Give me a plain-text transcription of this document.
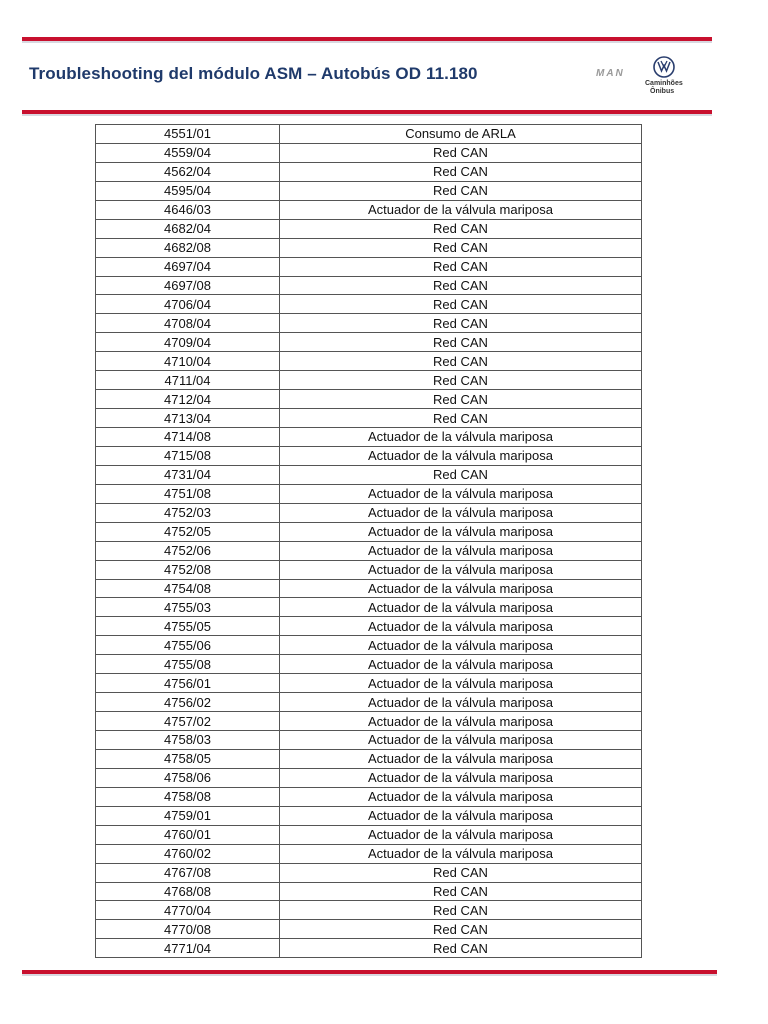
Troubleshooting del módulo ASM – Autobús OD 11.180	MAN
Caminhões
Ônibus
4551/01	Consumo de ARLA
4559/04	Red CAN
4562/04	Red CAN
4595/04	Red CAN
4646/03	Actuador de la válvula mariposa
4682/04	Red CAN
4682/08	Red CAN
4697/04	Red CAN
4697/08	Red CAN
4706/04	Red CAN
4708/04	Red CAN
4709/04	Red CAN
4710/04	Red CAN
4711/04	Red CAN
4712/04	Red CAN
4713/04	Red CAN
4714/08	Actuador de la válvula mariposa
4715/08	Actuador de la válvula mariposa
4731/04	Red CAN
4751/08	Actuador de la válvula mariposa
4752/03	Actuador de la válvula mariposa
4752/05	Actuador de la válvula mariposa
4752/06	Actuador de la válvula mariposa
4752/08	Actuador de la válvula mariposa
4754/08	Actuador de la válvula mariposa
4755/03	Actuador de la válvula mariposa
4755/05	Actuador de la válvula mariposa
4755/06	Actuador de la válvula mariposa
4755/08	Actuador de la válvula mariposa
4756/01	Actuador de la válvula mariposa
4756/02	Actuador de la válvula mariposa
4757/02	Actuador de la válvula mariposa
4758/03	Actuador de la válvula mariposa
4758/05	Actuador de la válvula mariposa
4758/06	Actuador de la válvula mariposa
4758/08	Actuador de la válvula mariposa
4759/01	Actuador de la válvula mariposa
4760/01	Actuador de la válvula mariposa
4760/02	Actuador de la válvula mariposa
4767/08	Red CAN
4768/08	Red CAN
4770/04	Red CAN
4770/08	Red CAN
4771/04	Red CAN
